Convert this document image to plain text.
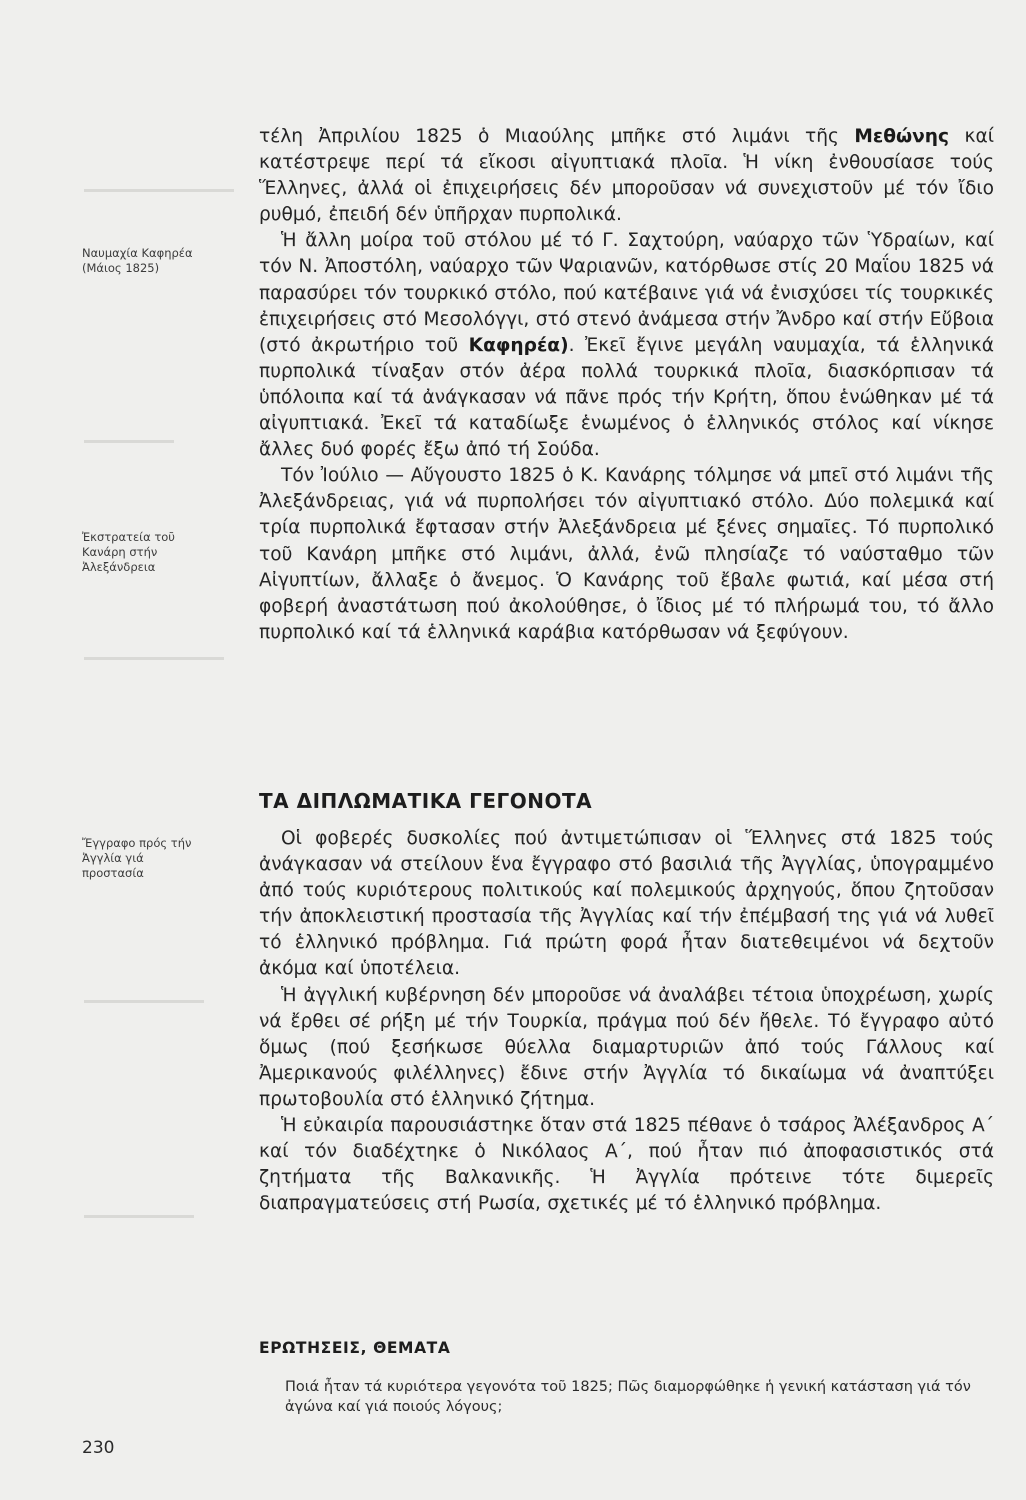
Ναυμαχία Καφηρέα
(Μάιος 1825)
Ἐκστρατεία τοῦ
Κανάρη στήν
Ἀλεξάνδρεια
Ἔγγραφο πρός τήν
Ἀγγλία γιά
προστασία

τέλη Ἀπριλίου 1825 ὁ Μιαούλης μπῆκε στό λιμάνι τῆς Μεθώνης καί κατέστρεψε περί τά εἴκοσι αἰγυπτιακά πλοῖα. Ἡ νίκη ἐνθουσίασε τούς Ἕλληνες, ἀλλά οἱ ἐπιχειρήσεις δέν μποροῦσαν νά συνεχιστοῦν μέ τόν ἴδιο ρυθμό, ἐπειδή δέν ὑπῆρχαν πυρπολικά.

Ἡ ἄλλη μοίρα τοῦ στόλου μέ τό Γ. Σαχτούρη, ναύαρχο τῶν Ὑδραίων, καί τόν Ν. Ἀποστόλη, ναύαρχο τῶν Ψαριανῶν, κατόρθωσε στίς 20 Μαΐου 1825 νά παρασύρει τόν τουρκικό στόλο, πού κατέβαινε γιά νά ἐνισχύσει τίς τουρκικές ἐπιχειρήσεις στό Μεσολόγγι, στό στενό ἀνάμεσα στήν Ἄνδρο καί στήν Εὔβοια (στό ἀκρωτήριο τοῦ Καφηρέα). Ἐκεῖ ἔγινε μεγάλη ναυμαχία, τά ἑλληνικά πυρπολικά τίναξαν στόν ἀέρα πολλά τουρκικά πλοῖα, διασκόρπισαν τά ὑπόλοιπα καί τά ἀνάγκασαν νά πᾶνε πρός τήν Κρήτη, ὅπου ἑνώθηκαν μέ τά αἰγυπτιακά. Ἐκεῖ τά καταδίωξε ἑνωμένος ὁ ἑλληνικός στόλος καί νίκησε ἄλλες δυό φορές ἔξω ἀπό τή Σούδα.

Τόν Ἰούλιο — Αὔγουστο 1825 ὁ Κ. Κανάρης τόλμησε νά μπεῖ στό λιμάνι τῆς Ἀλεξάνδρειας, γιά νά πυρπολήσει τόν αἰγυπτιακό στόλο. Δύο πολεμικά καί τρία πυρπολικά ἔφτασαν στήν Ἀλεξάνδρεια μέ ξένες σημαῖες. Τό πυρπολικό τοῦ Κανάρη μπῆκε στό λιμάνι, ἀλλά, ἐνῶ πλησίαζε τό ναύσταθμο τῶν Αἰγυπτίων, ἄλλαξε ὁ ἄνεμος. Ὁ Κανάρης τοῦ ἔβαλε φωτιά, καί μέσα στή φοβερή ἀναστάτωση πού ἀκολούθησε, ὁ ἴδιος μέ τό πλήρωμά του, τό ἄλλο πυρπολικό καί τά ἑλληνικά καράβια κατόρθωσαν νά ξεφύγουν.

ΤΑ ΔΙΠΛΩΜΑΤΙΚΑ ΓΕΓΟΝΟΤΑ

Οἱ φοβερές δυσκολίες πού ἀντιμετώπισαν οἱ Ἕλληνες στά 1825 τούς ἀνάγκασαν νά στείλουν ἕνα ἔγγραφο στό βασιλιά τῆς Ἀγγλίας, ὑπογραμμένο ἀπό τούς κυριότερους πολιτικούς καί πολεμικούς ἀρχηγούς, ὅπου ζητοῦσαν τήν ἀποκλειστική προστασία τῆς Ἀγγλίας καί τήν ἐπέμβασή της γιά νά λυθεῖ τό ἑλληνικό πρόβλημα. Γιά πρώτη φορά ἦταν διατεθειμένοι νά δεχτοῦν ἀκόμα καί ὑποτέλεια.

Ἡ ἀγγλική κυβέρνηση δέν μποροῦσε νά ἀναλάβει τέτοια ὑποχρέωση, χωρίς νά ἔρθει σέ ρήξη μέ τήν Τουρκία, πράγμα πού δέν ἤθελε. Τό ἔγγραφο αὐτό ὅμως (πού ξεσήκωσε θύελλα διαμαρτυριῶν ἀπό τούς Γάλλους καί Ἀμερικανούς φιλέλληνες) ἔδινε στήν Ἀγγλία τό δικαίωμα νά ἀναπτύξει πρωτοβουλία στό ἑλληνικό ζήτημα.

Ἡ εὐκαιρία παρουσιάστηκε ὅταν στά 1825 πέθανε ὁ τσάρος Ἀλέξανδρος Α΄ καί τόν διαδέχτηκε ὁ Νικόλαος Α΄, πού ἦταν πιό ἀποφασιστικός στά ζητήματα τῆς Βαλκανικῆς. Ἡ Ἀγγλία πρότεινε τότε διμερεῖς διαπραγματεύσεις στή Ρωσία, σχετικές μέ τό ἑλληνικό πρόβλημα.

ΕΡΩΤΗΣΕΙΣ, ΘΕΜΑΤΑ
Ποιά ἦταν τά κυριότερα γεγονότα τοῦ 1825; Πῶς διαμορφώθηκε ἡ γενική κατάσταση γιά τόν ἀγώνα καί γιά ποιούς λόγους;
230
